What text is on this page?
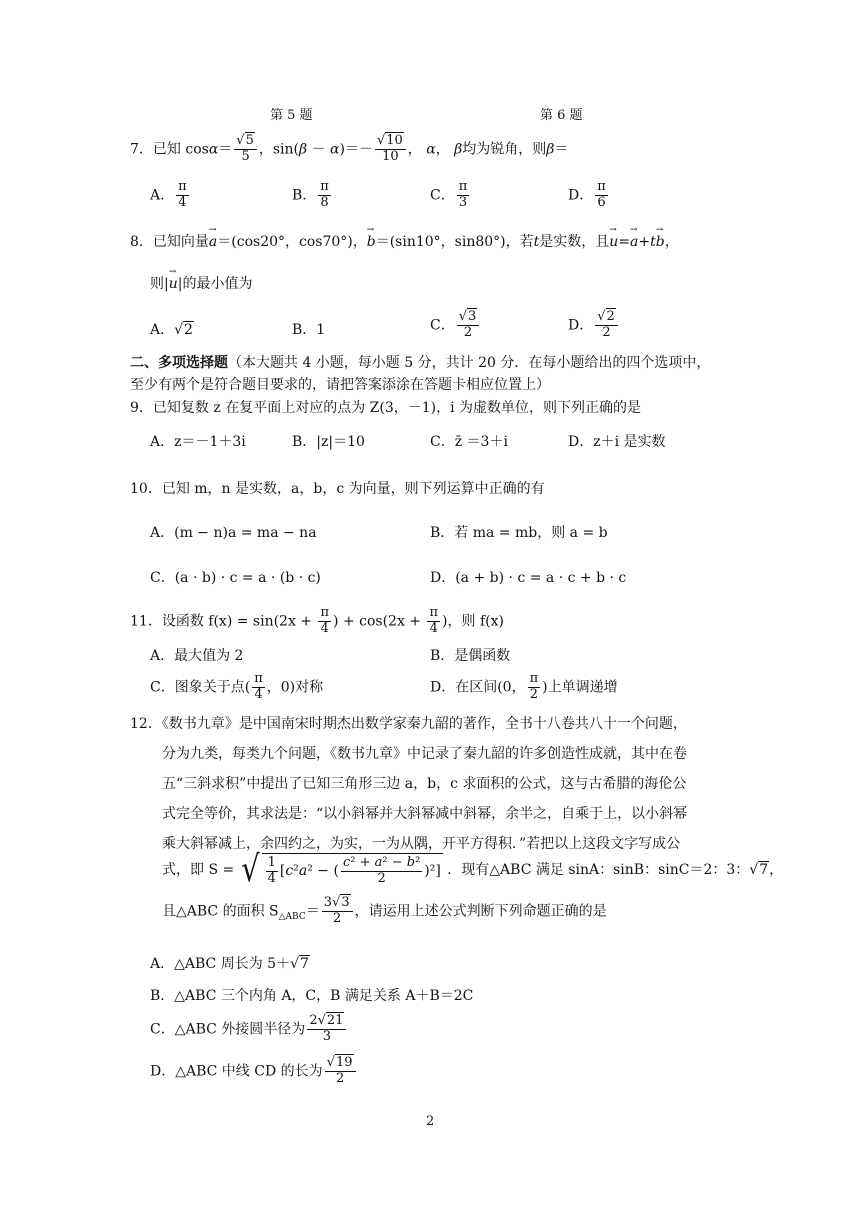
第 5 题	第 6 题
7．已知 $\cos\alpha= \frac{√5}{5}$ ，$\sin(\beta - \alpha)=- \frac{√10}{10}$ ， α， β均为锐角，则β＝
A． $\frac{\pi}{4}$	B． $\frac{\pi}{8}$	C． $\frac{\pi}{3}$	D． $\frac{\pi}{6}$
8．已知向量→ a＝(cos20°，cos70°)，→ b＝(sin10°，sin80°)，若t是实数，且→ u=→ a+t→ b，
则|→ u|的最小值为
A．√2	B．1	C． $\frac{√3}{2}$	D． $\frac{√2}{2}$
二、多项选择题（本大题共 4 小题，每小题 5 分，共计 20 分．在每小题给出的四个选项中，
至少有两个是符合题目要求的，请把答案添涂在答题卡相应位置上）
9．已知复数 z 在复平面上对应的点为 Z(3，－1)，i 为虚数单位，则下列正确的是
A．z＝－1＋3i	B．|z|＝10	C．z̄ ＝3＋i	D．z＋i 是实数
10．已知 m，n 是实数，a，b，c 为向量，则下列运算中正确的有
A．(m − n)a = ma − na	B．若 ma = mb，则 a = b
C．(a · b) · c = a · (b · c)	D．(a + b) · c = a · c + b · c
11．设函数 $f(x) = \sin(2x + \frac{\pi}{4}$ ) + $\cos(2x + \frac{\pi}{4}$ )，则 f(x)
A．最大值为 2	B．是偶函数
C．图象关于点( $\frac{\pi}{4}$ ，0)对称	D．在区间(0， $\frac{\pi}{2}$ )上单调递增
12．《数书九章》是中国南宋时期杰出数学家秦九韶的著作，全书十八卷共八十一个问题，
分为九类，每类九个问题，《数书九章》中记录了秦九韶的许多创造性成就，其中在卷
五“三斜求积”中提出了已知三角形三边 a，b，c 求面积的公式，这与古希腊的海伦公
式完全等价，其求法是：“以小斜幂并大斜幂减中斜幂，余半之，自乘于上，以小斜幂
乘大斜幂减上，余四约之，为实，一为从隅，开平方得积．”若把以上这段文字写成公
式，即 S = √ $\frac{1}{4} [c^2a^2$ − ( $\frac{\text{c² + a² − b²}}{2} )^2$] ．现有△ABC 满足 sinA：sinB：sinC＝2：3：√7，
且△ABC 的面积 $S_{\triangle ABC}= \frac{3√3}{2}$ ，请运用上述公式判断下列命题正确的是
A．△ABC 周长为 5＋√7
B．△ABC 三个内角 A，C，B 满足关系 A＋B＝2C
C．△ABC 外接圆半径为 $\frac{2√21}{3}$
D．△ABC 中线 CD 的长为 $\frac{√19}{2}$
2
